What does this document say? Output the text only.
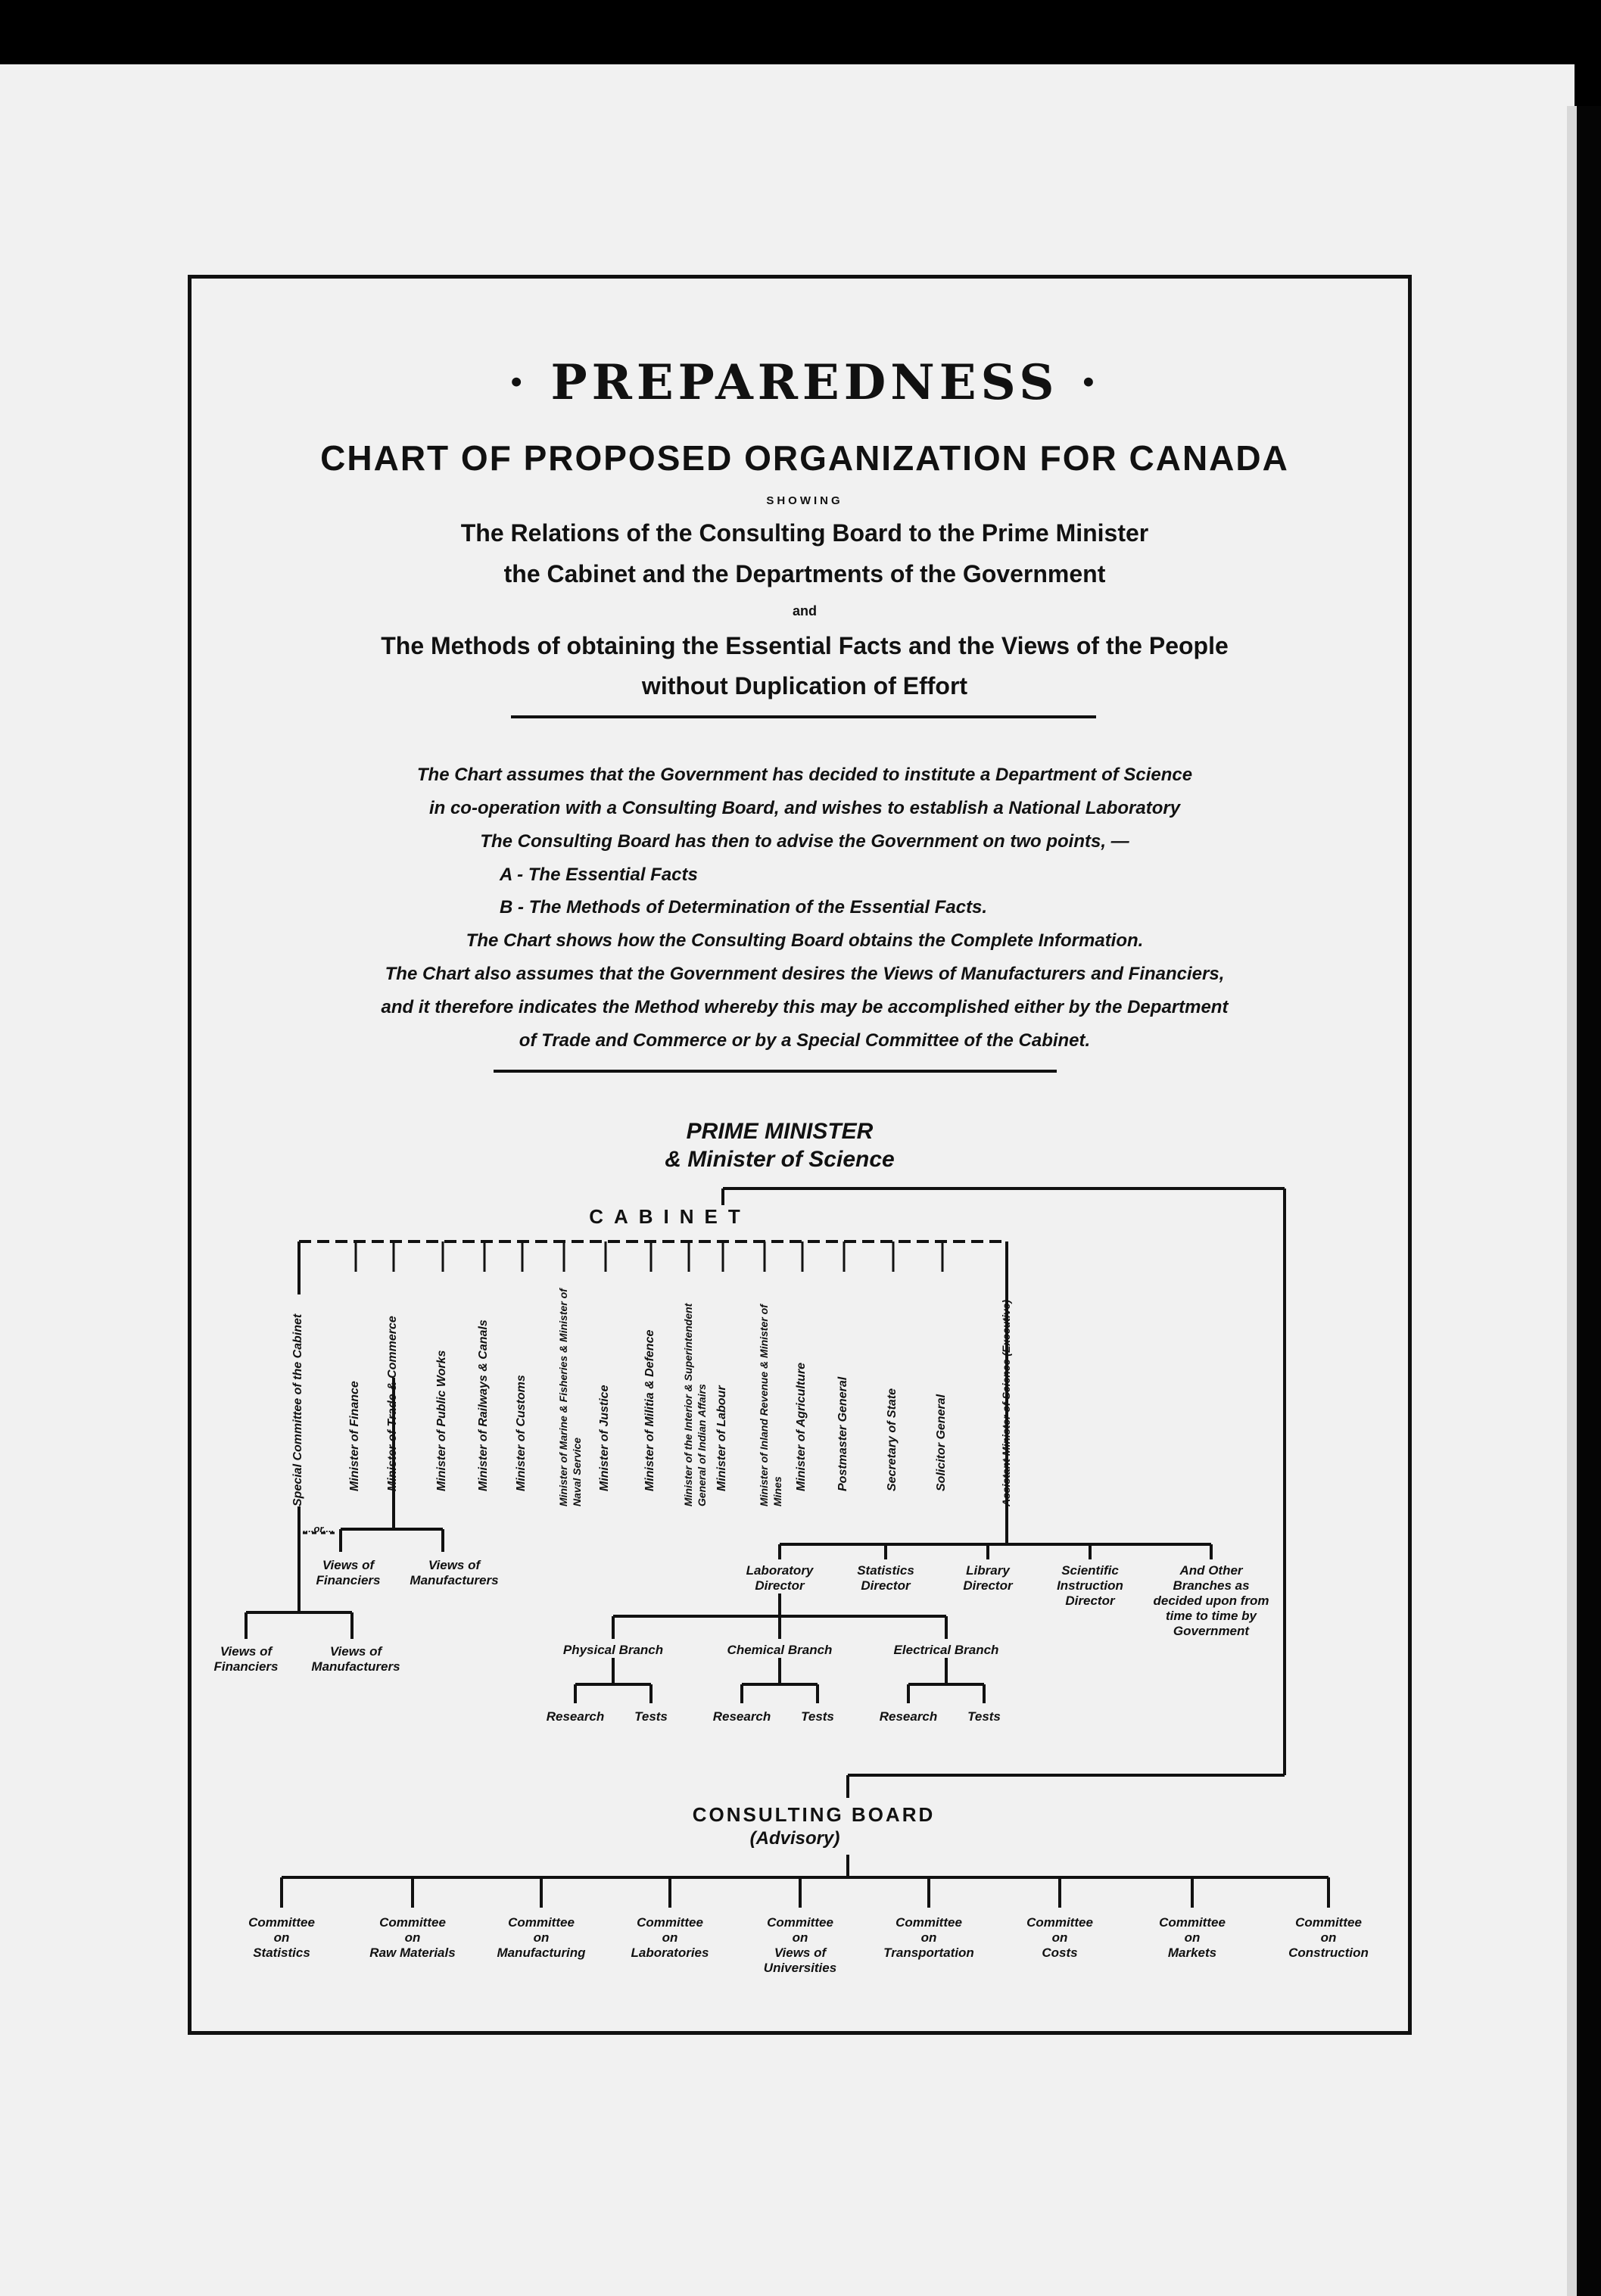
· PREPAREDNESS ·
CHART OF PROPOSED ORGANIZATION FOR CANADA
SHOWING
The Relations of the Consulting Board to the Prime Minister
the Cabinet and the Departments of the Government
and
The Methods of obtaining the Essential Facts and the Views of the People
without Duplication of Effort
The Chart assumes that the Government has decided to institute a Department of Science
in co-operation with a Consulting Board, and wishes to establish a National Laboratory
The Consulting Board has then to advise the Government on two points, —
A - The Essential Facts
B - The Methods of Determination of the Essential Facts.
The Chart shows how the Consulting Board obtains the Complete Information.
The Chart also assumes that the Government desires the Views of Manufacturers and Financiers,
and it therefore indicates the Method whereby this may be accomplished either by the Department
of Trade and Commerce or by a Special Committee of the Cabinet.
PRIME MINISTER
& Minister of Science
CABINET
Special Committee of the Cabinet	Minister of Finance Minister of Trade & Commerce	Minister of Public Works Minister of Railways & Canals Minister of Customs	Minister of Marine & Fisheries & Minister of Naval Service Minister of Justice	Minister of Militia & Defence Minister of the Interior & Superintendent General of Indian Affairs Minister of Labour	Minister of Inland Revenue & Minister of Mines
Minister of Agriculture Postmaster General	Secretary of State	Solicitor General	Assistant Minister of Science (Executive)
Views of Financiers
Views of Manufacturers
....or....
Views of Financiers
Views of Manufacturers
Laboratory Director
Statistics Director
Library Director
Scientific Instruction Director
And Other Branches as decided upon from time to time by Government
Physical Branch	Chemical Branch	Electrical Branch
Research Tests	Research Tests	Research Tests
CONSULTING BOARD
(Advisory)
Committee
on
Statistics
Committee
on
Raw Materials
Committee
on
Manufacturing
Committee
on
Laboratories
Committee
on
Views of Universities
Committee
on
Transportation
Committee
on
Costs
Committee
on
Markets
Committee
on
Construction
